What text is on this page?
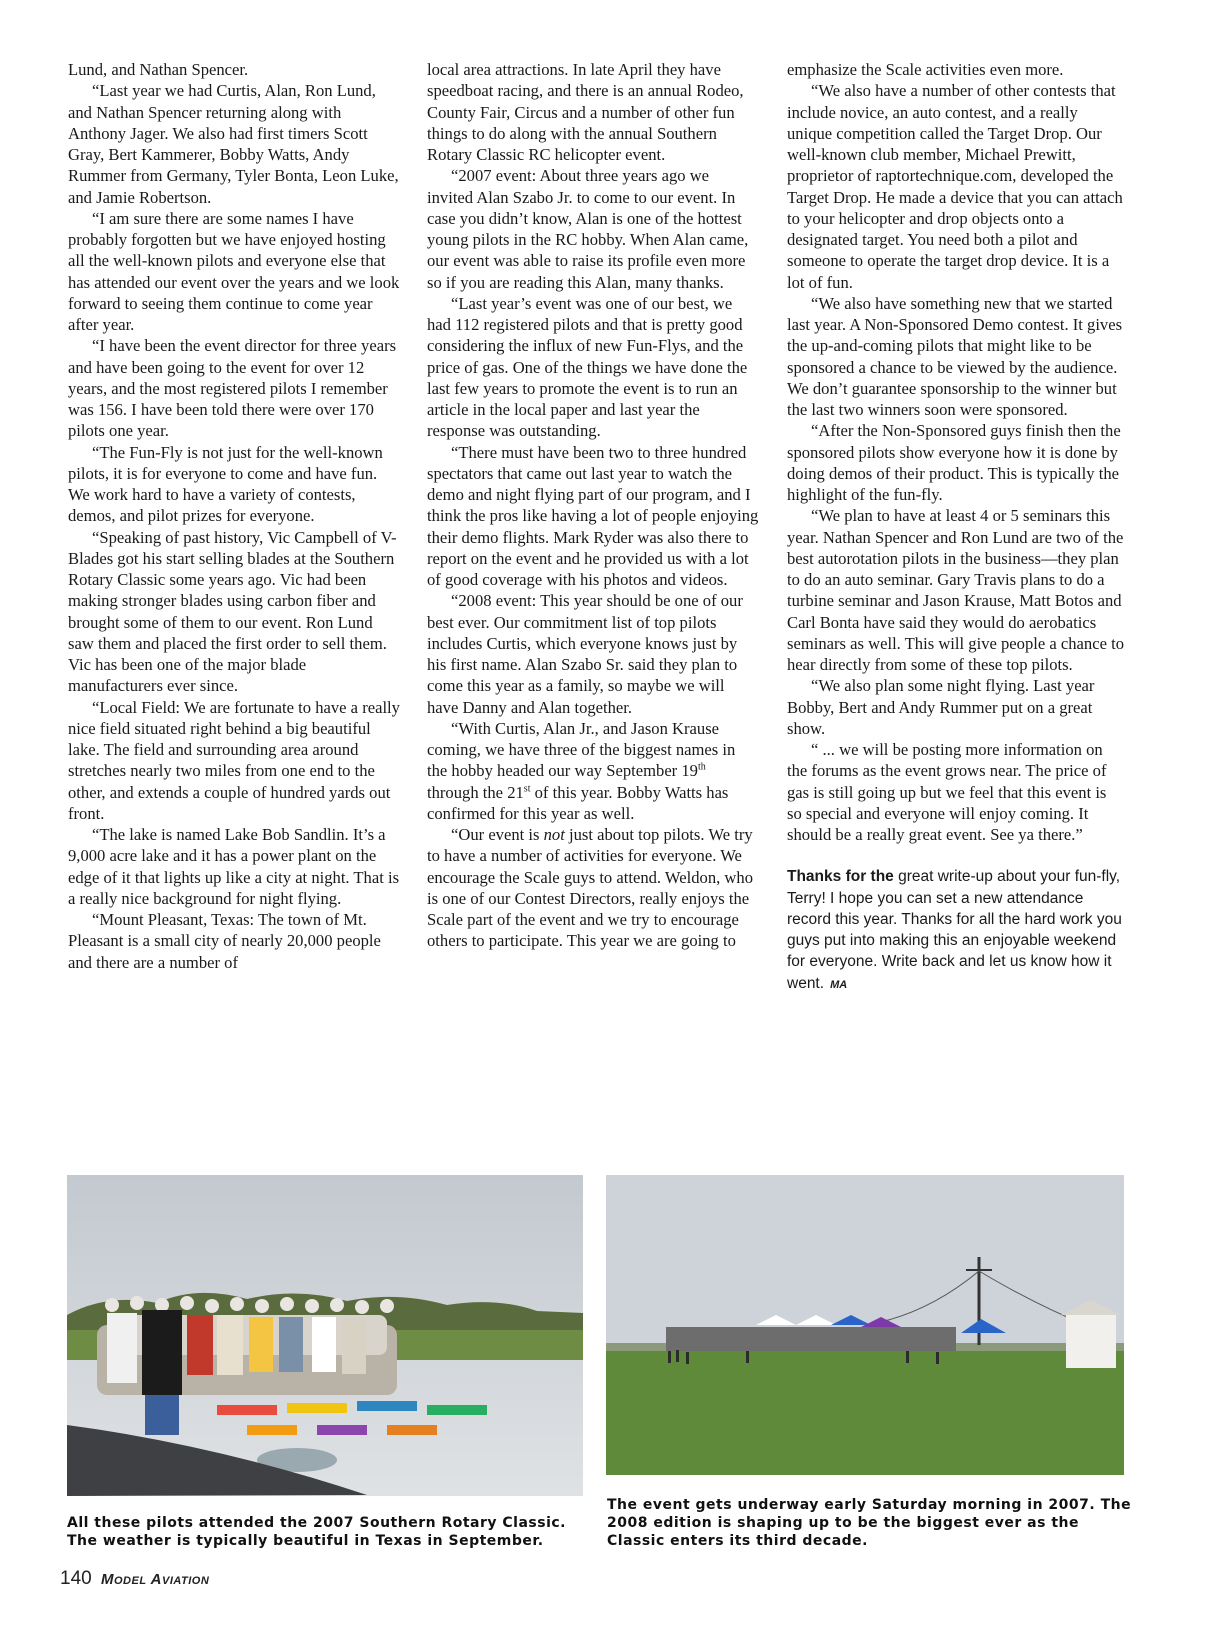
Lund, and Nathan Spencer.

“Last year we had Curtis, Alan, Ron Lund, and Nathan Spencer returning along with Anthony Jager. We also had first timers Scott Gray, Bert Kammerer, Bobby Watts, Andy Rummer from Germany, Tyler Bonta, Leon Luke, and Jamie Robertson.

“I am sure there are some names I have probably forgotten but we have enjoyed hosting all the well-known pilots and everyone else that has attended our event over the years and we look forward to seeing them continue to come year after year.

“I have been the event director for three years and have been going to the event for over 12 years, and the most registered pilots I remember was 156. I have been told there were over 170 pilots one year.

“The Fun-Fly is not just for the well-known pilots, it is for everyone to come and have fun. We work hard to have a variety of contests, demos, and pilot prizes for everyone.

“Speaking of past history, Vic Campbell of V-Blades got his start selling blades at the Southern Rotary Classic some years ago. Vic had been making stronger blades using carbon fiber and brought some of them to our event. Ron Lund saw them and placed the first order to sell them. Vic has been one of the major blade manufacturers ever since.

“Local Field: We are fortunate to have a really nice field situated right behind a big beautiful lake. The field and surrounding area around stretches nearly two miles from one end to the other, and extends a couple of hundred yards out front.

“The lake is named Lake Bob Sandlin. It’s a 9,000 acre lake and it has a power plant on the edge of it that lights up like a city at night. That is a really nice background for night flying.

“Mount Pleasant, Texas: The town of Mt. Pleasant is a small city of nearly 20,000 people and there are a number of

local area attractions. In late April they have speedboat racing, and there is an annual Rodeo, County Fair, Circus and a number of other fun things to do along with the annual Southern Rotary Classic RC helicopter event.

“2007 event: About three years ago we invited Alan Szabo Jr. to come to our event. In case you didn’t know, Alan is one of the hottest young pilots in the RC hobby. When Alan came, our event was able to raise its profile even more so if you are reading this Alan, many thanks.

“Last year’s event was one of our best, we had 112 registered pilots and that is pretty good considering the influx of new Fun-Flys, and the price of gas. One of the things we have done the last few years to promote the event is to run an article in the local paper and last year the response was outstanding.

“There must have been two to three hundred spectators that came out last year to watch the demo and night flying part of our program, and I think the pros like having a lot of people enjoying their demo flights. Mark Ryder was also there to report on the event and he provided us with a lot of good coverage with his photos and videos.

“2008 event: This year should be one of our best ever. Our commitment list of top pilots includes Curtis, which everyone knows just by his first name. Alan Szabo Sr. said they plan to come this year as a family, so maybe we will have Danny and Alan together.

“With Curtis, Alan Jr., and Jason Krause coming, we have three of the biggest names in the hobby headed our way September 19th through the 21st of this year. Bobby Watts has confirmed for this year as well.

“Our event is not just about top pilots. We try to have a number of activities for everyone. We encourage the Scale guys to attend. Weldon, who is one of our Contest Directors, really enjoys the Scale part of the event and we try to encourage others to participate. This year we are going to

emphasize the Scale activities even more.

“We also have a number of other contests that include novice, an auto contest, and a really unique competition called the Target Drop. Our well-known club member, Michael Prewitt, proprietor of raptortechnique.com, developed the Target Drop. He made a device that you can attach to your helicopter and drop objects onto a designated target. You need both a pilot and someone to operate the target drop device. It is a lot of fun.

“We also have something new that we started last year. A Non-Sponsored Demo contest. It gives the up-and-coming pilots that might like to be sponsored a chance to be viewed by the audience. We don’t guarantee sponsorship to the winner but the last two winners soon were sponsored.

“After the Non-Sponsored guys finish then the sponsored pilots show everyone how it is done by doing demos of their product. This is typically the highlight of the fun-fly.

“We plan to have at least 4 or 5 seminars this year. Nathan Spencer and Ron Lund are two of the best autorotation pilots in the business—they plan to do an auto seminar. Gary Travis plans to do a turbine seminar and Jason Krause, Matt Botos and Carl Bonta have said they would do aerobatics seminars as well. This will give people a chance to hear directly from some of these top pilots.

“We also plan some night flying. Last year Bobby, Bert and Andy Rummer put on a great show.

“ ... we will be posting more information on the forums as the event grows near. The price of gas is still going up but we feel that this event is so special and everyone will enjoy coming. It should be a really great event. See ya there.”

Thanks for the great write-up about your fun-fly, Terry! I hope you can set a new attendance record this year. Thanks for all the hard work you guys put into making this an enjoyable weekend for everyone. Write back and let us know how it went. MA

All these pilots attended the 2007 Southern Rotary Classic. The weather is typically beautiful in Texas in September.
The event gets underway early Saturday morning in 2007. The 2008 edition is shaping up to be the biggest ever as the Classic enters its third decade.
140 Model Aviation
